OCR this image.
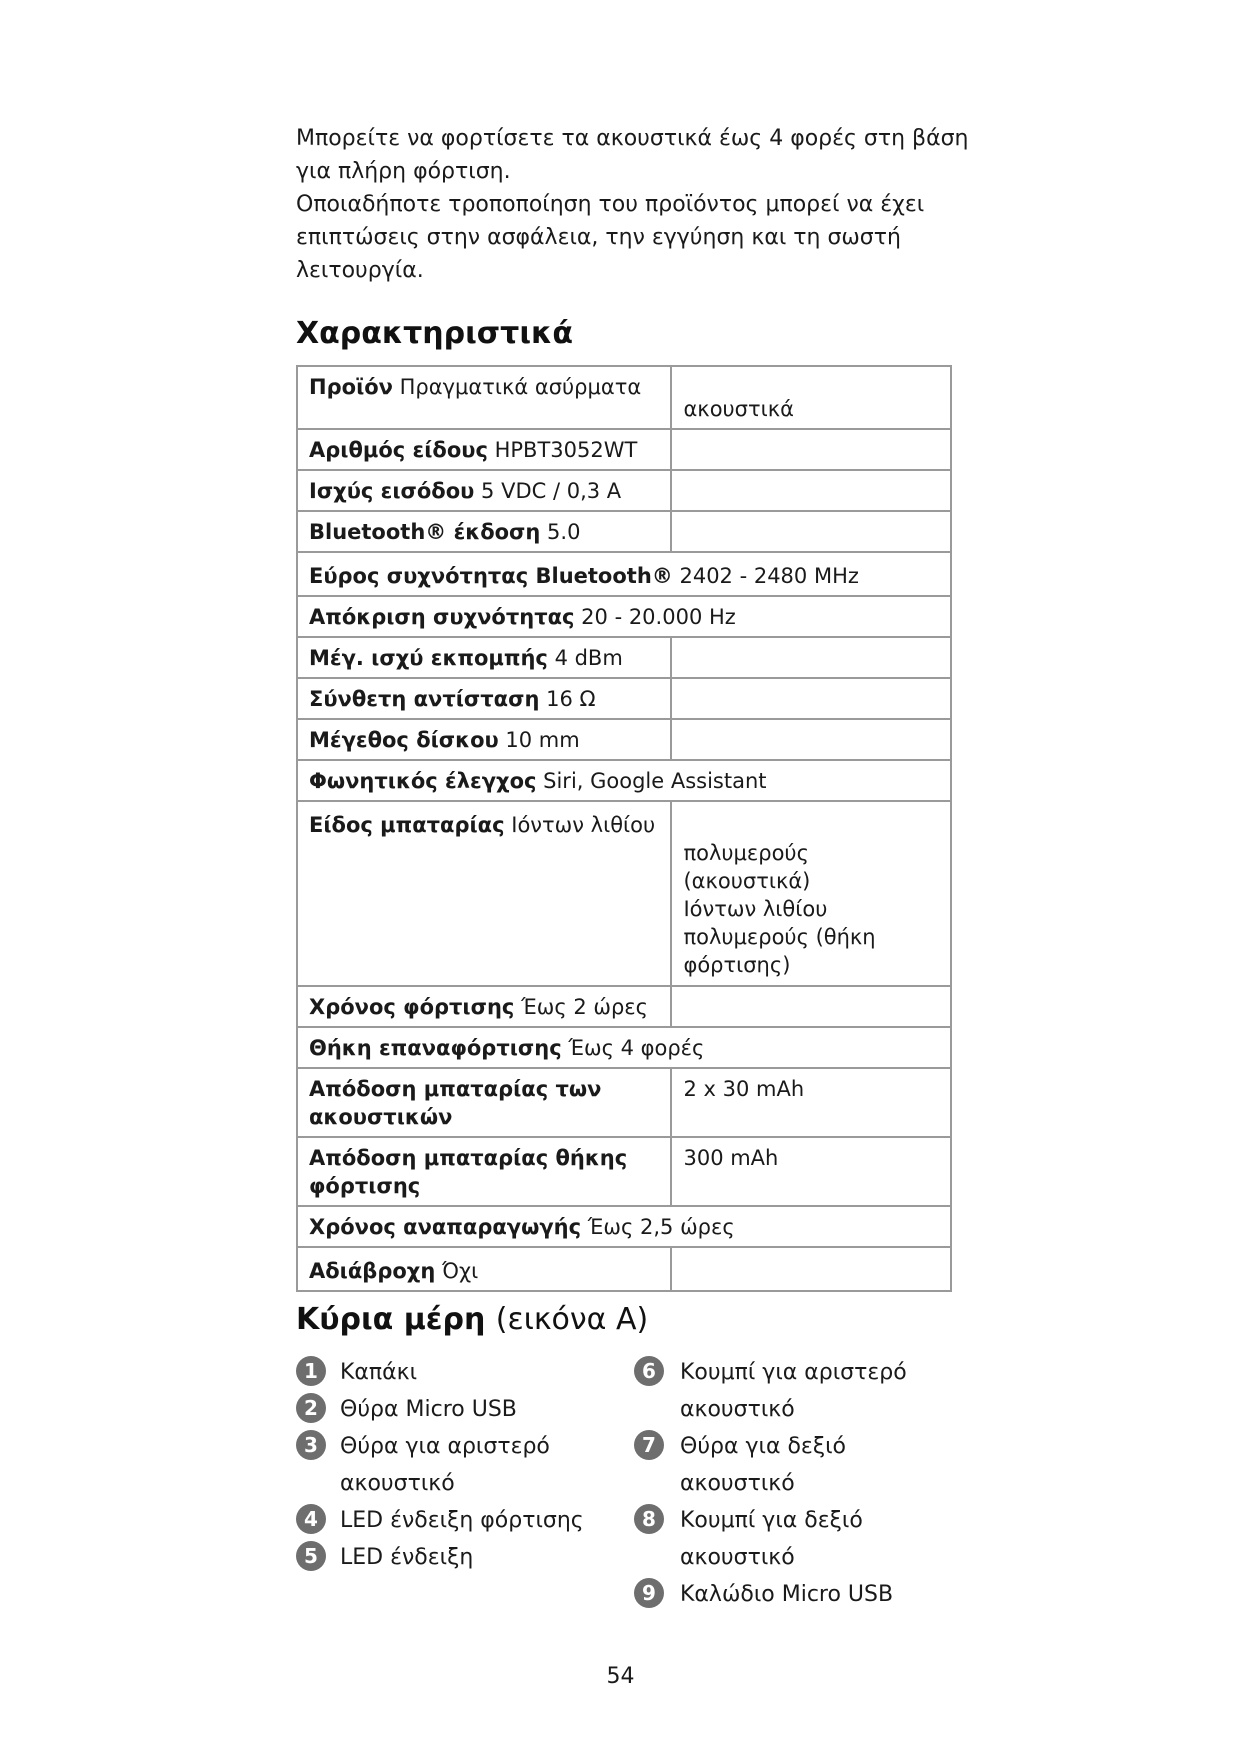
Μπορείτε να φορτίσετε τα ακουστικά έως 4 φορές στη βάση για πλήρη φόρτιση.

Οποιαδήποτε τροποποίηση του προϊόντος μπορεί να έχει επιπτώσεις στην ασφάλεια, την εγγύηση και τη σωστή λειτουργία.

Χαρακτηριστικά
Προϊόν Πραγματικά ασύρματα	ακουστικά
Αριθμός είδους HPBT3052WT	
Ισχύς εισόδου 5 VDC / 0,3 A	
Bluetooth® έκδοση 5.0	
Εύρος συχνότητας Bluetooth® 2402 - 2480 MHz	
Απόκριση συχνότητας 20 - 20.000 Hz	
Μέγ. ισχύ εκπομπής 4 dBm	
Σύνθετη αντίσταση 16 Ω	
Μέγεθος δίσκου 10 mm	
Φωνητικός έλεγχος Siri, Google Assistant	
Είδος μπαταρίας Ιόντων λιθίου	πολυμερούς (ακουστικά)
Ιόντων λιθίου
πολυμερούς (θήκη
φόρτισης)

Χρόνος φόρτισης Έως 2 ώρες	
Θήκη επαναφόρτισης Έως 4 φορές	
Απόδοση μπαταρίας των ακουστικών	2 x 30 mAh
Απόδοση μπαταρίας θήκης φόρτισης	300 mAh
Χρόνος αναπαραγωγής Έως 2,5 ώρες	
Αδιάβροχη Όχι	
Κύρια μέρη (εικόνα A)
1	Καπάκι
2	Θύρα Micro USB
3	Θύρα για αριστερό
ακουστικό
4	LED ένδειξη φόρτισης
5	LED ένδειξη
6	Κουμπί για αριστερό
ακουστικό
7	Θύρα για δεξιό
ακουστικό
8	Κουμπί για δεξιό
ακουστικό
9	Καλώδιο Micro USB
54
